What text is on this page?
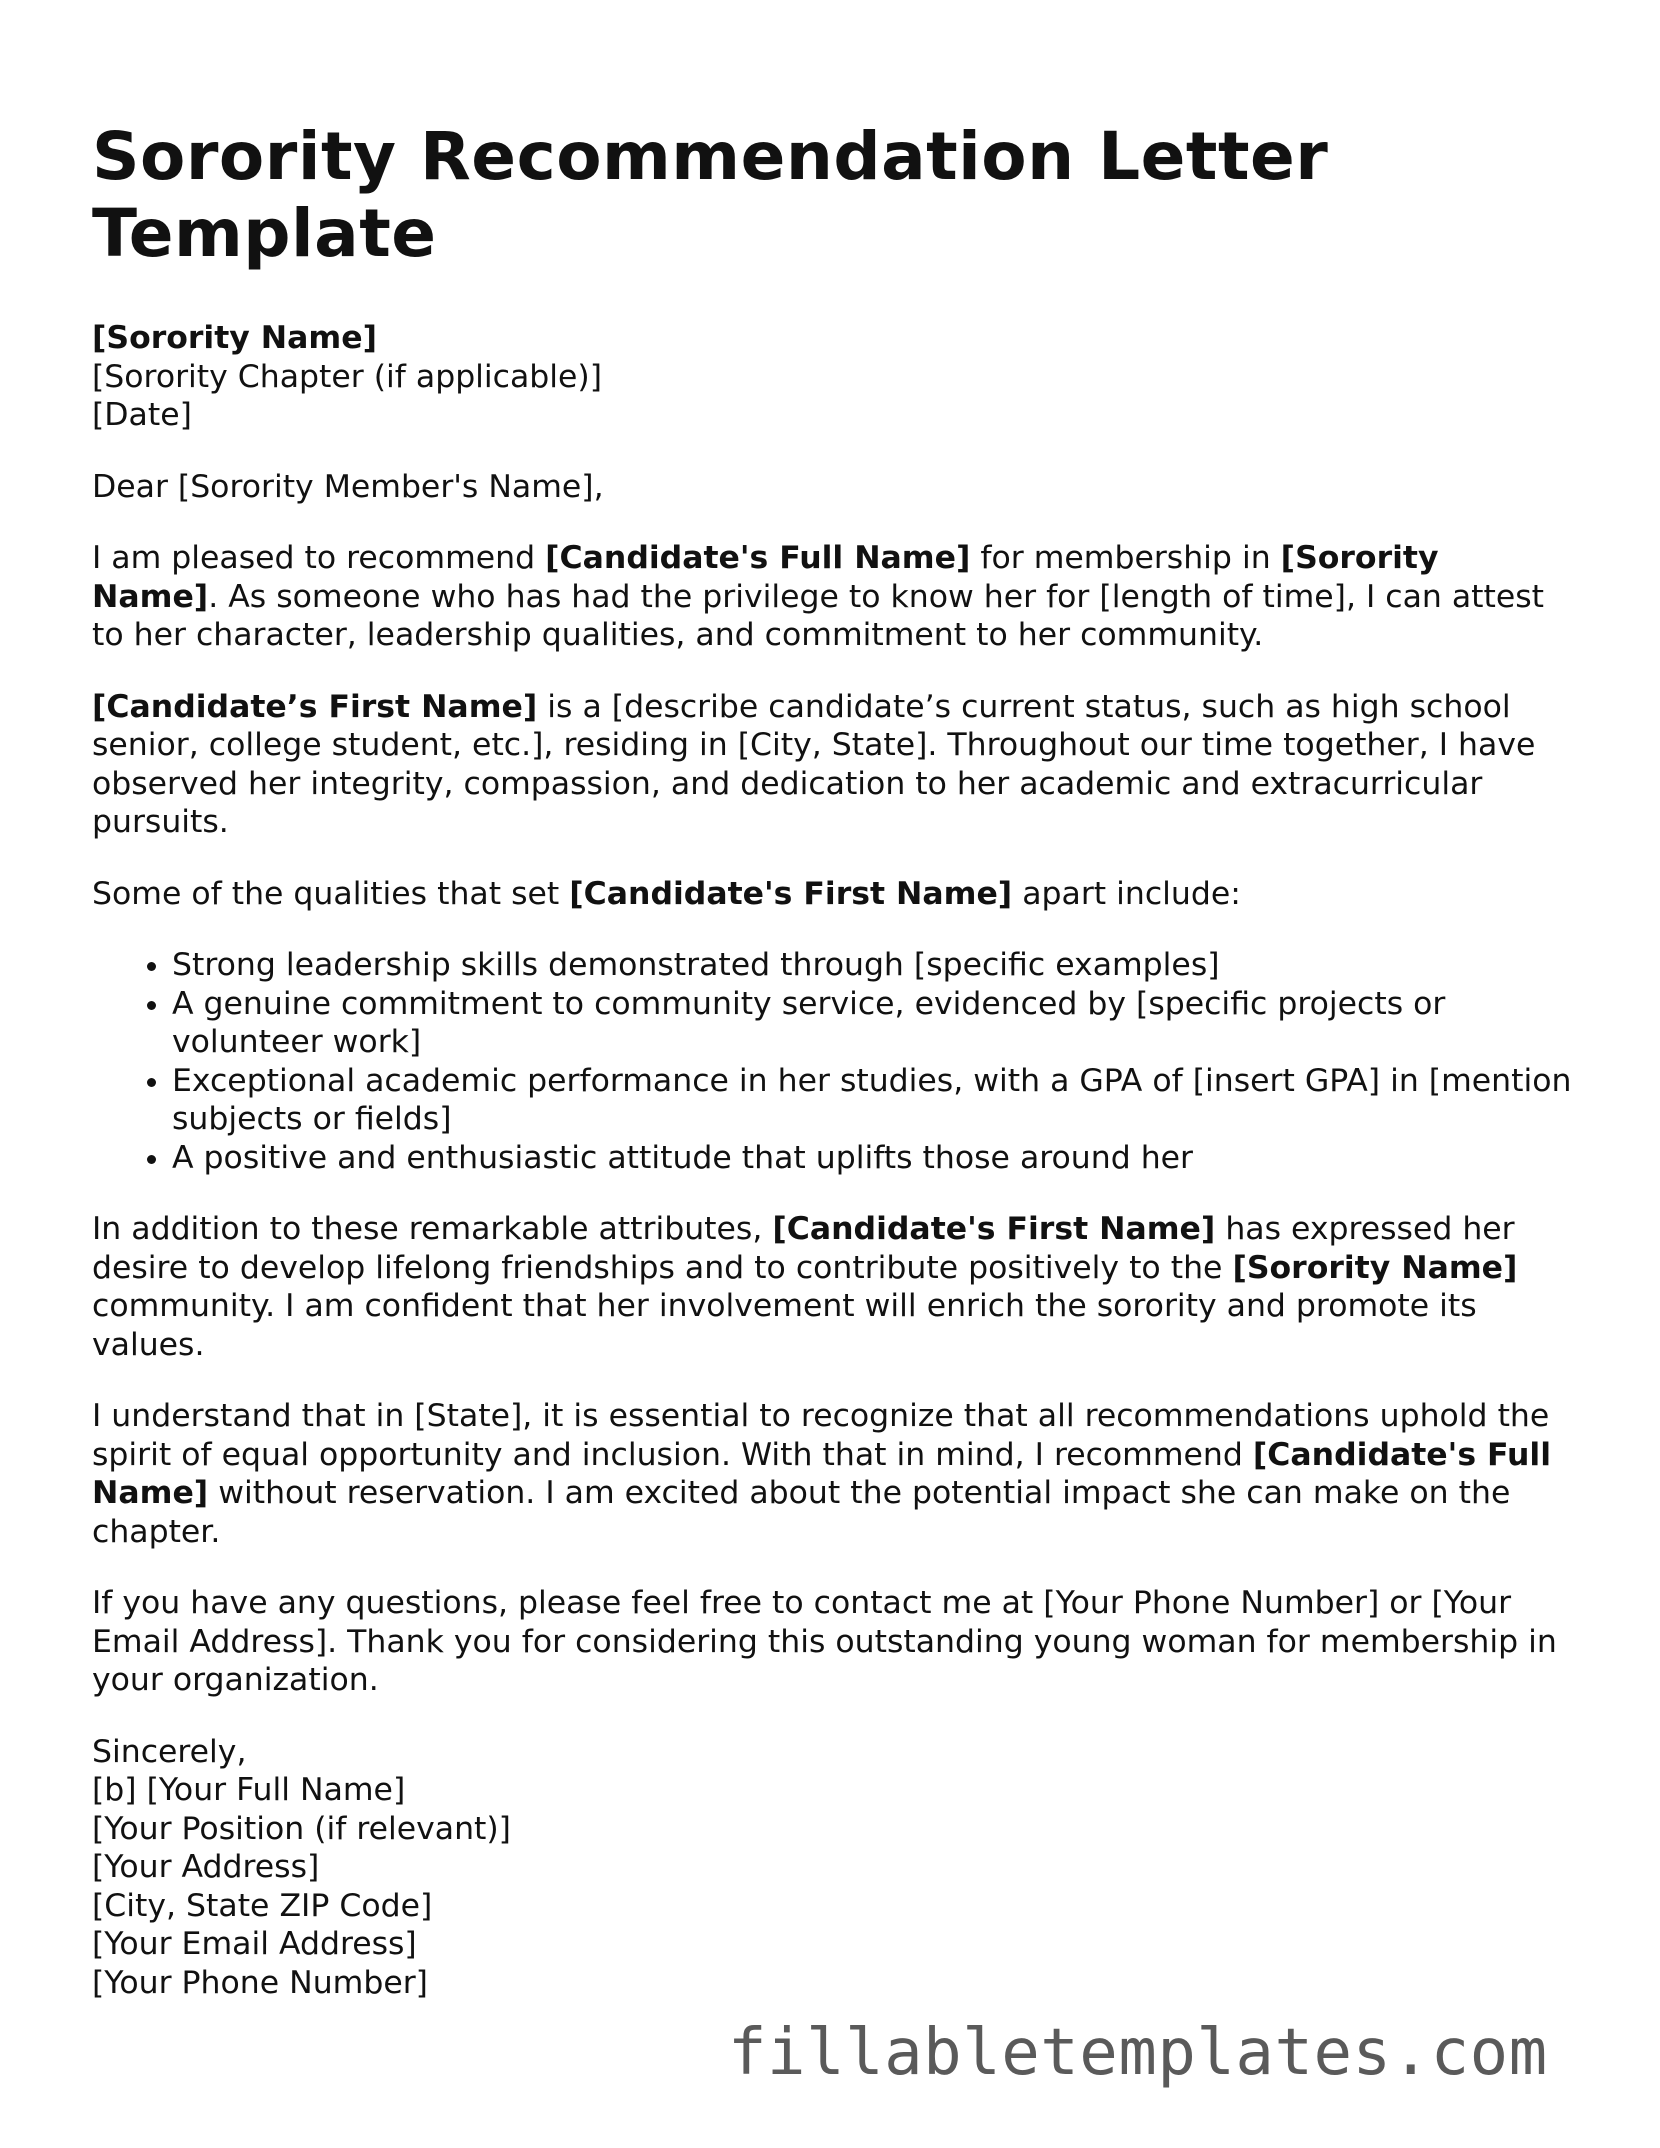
Sorority Recommendation Letter Template
[Sorority Name]
[Sorority Chapter (if applicable)]
[Date]

Dear [Sorority Member's Name],

I am pleased to recommend [Candidate's Full Name] for membership in [Sorority Name]. As someone who has had the privilege to know her for [length of time], I can attest to her character, leadership qualities, and commitment to her community.

[Candidate’s First Name] is a [describe candidate’s current status, such as high school senior, college student, etc.], residing in [City, State]. Throughout our time together, I have observed her integrity, compassion, and dedication to her academic and extracurricular pursuits.

Some of the qualities that set [Candidate's First Name] apart include:

• Strong leadership skills demonstrated through [specific examples]
• A genuine commitment to community service, evidenced by [specific projects or volunteer work]
• Exceptional academic performance in her studies, with a GPA of [insert GPA] in [mention subjects or fields]
• A positive and enthusiastic attitude that uplifts those around her

In addition to these remarkable attributes, [Candidate's First Name] has expressed her desire to develop lifelong friendships and to contribute positively to the [Sorority Name] community. I am confident that her involvement will enrich the sorority and promote its values.

I understand that in [State], it is essential to recognize that all recommendations uphold the spirit of equal opportunity and inclusion. With that in mind, I recommend [Candidate's Full Name] without reservation. I am excited about the potential impact she can make on the chapter.

If you have any questions, please feel free to contact me at [Your Phone Number] or [Your Email Address]. Thank you for considering this outstanding young woman for membership in your organization.

Sincerely,
[b] [Your Full Name]
[Your Position (if relevant)]
[Your Address]
[City, State ZIP Code]
[Your Email Address]
[Your Phone Number]
fillabletemplates.com
